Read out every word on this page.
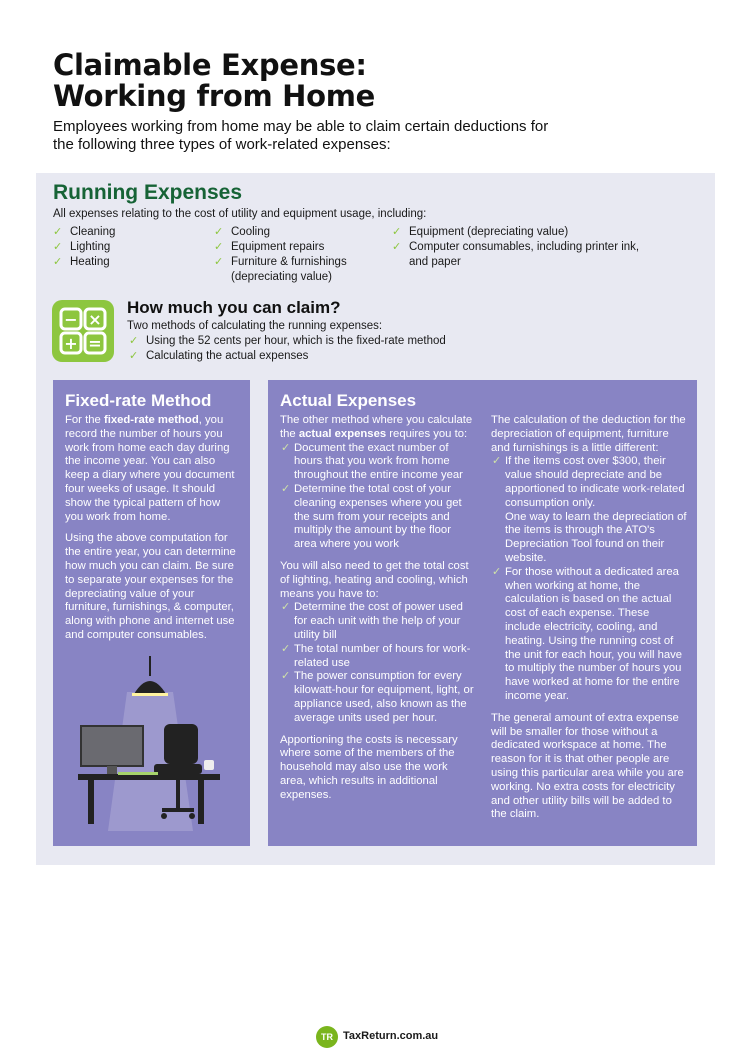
Claimable Expense:
Working from Home

Employees working from home may be able to claim certain deductions for the following three types of work-related expenses:

Running Expenses

All expenses relating to the cost of utility and equipment usage, including:

✓ Cleaning
✓ Lighting
✓ Heating
✓ Cooling
✓ Equipment repairs
✓ Furniture & furnishings (depreciating value)
✓ Equipment (depreciating value)
✓ Computer consumables, including printer ink, and paper
− ×
+ =
How much you can claim?

Two methods of calculating the running expenses:

✓ Using the 52 cents per hour, which is the fixed-rate method
✓ Calculating the actual expenses
Fixed-rate Method

For the fixed-rate method, you record the number of hours you work from home each day during the income year. You can also keep a diary where you document four weeks of usage. It should show the typical pattern of how you work from home.

Using the above computation for the entire year, you can determine how much you can claim. Be sure to separate your expenses for the depreciating value of your furniture, furnishings, & computer, along with phone and internet use and computer consumables.

Actual Expenses

The other method where you calculate the actual expenses requires you to:

✓ Document the exact number of hours that you work from home throughout the entire income year
✓ Determine the total cost of your cleaning expenses where you get the sum from your receipts and multiply the amount by the floor area where you work

You will also need to get the total cost of lighting, heating and cooling, which means you have to:

✓ Determine the cost of power used for each unit with the help of your utility bill
✓ The total number of hours for work-related use
✓ The power consumption for every kilowatt-hour for equipment, light, or appliance used, also known as the average units used per hour.

Apportioning the costs is necessary where some of the members of the household may also use the work area, which results in additional expenses.

The calculation of the deduction for the depreciation of equipment, furniture and furnishings is a little different:

✓ If the items cost over $300, their value should depreciate and be apportioned to indicate work-related consumption only.
One way to learn the depreciation of the items is through the ATO's Depreciation Tool found on their website.
✓ For those without a dedicated area when working at home, the calculation is based on the actual cost of each expense. These include electricity, cooling, and heating. Using the running cost of the unit for each hour, you will have to multiply the number of hours you have worked at home for the entire income year.

The general amount of extra expense will be smaller for those without a dedicated workspace at home. The reason for it is that other people are using this particular area while you are working. No extra costs for electricity and other utility bills will be added to the claim.

TR TaxReturn.com.au
